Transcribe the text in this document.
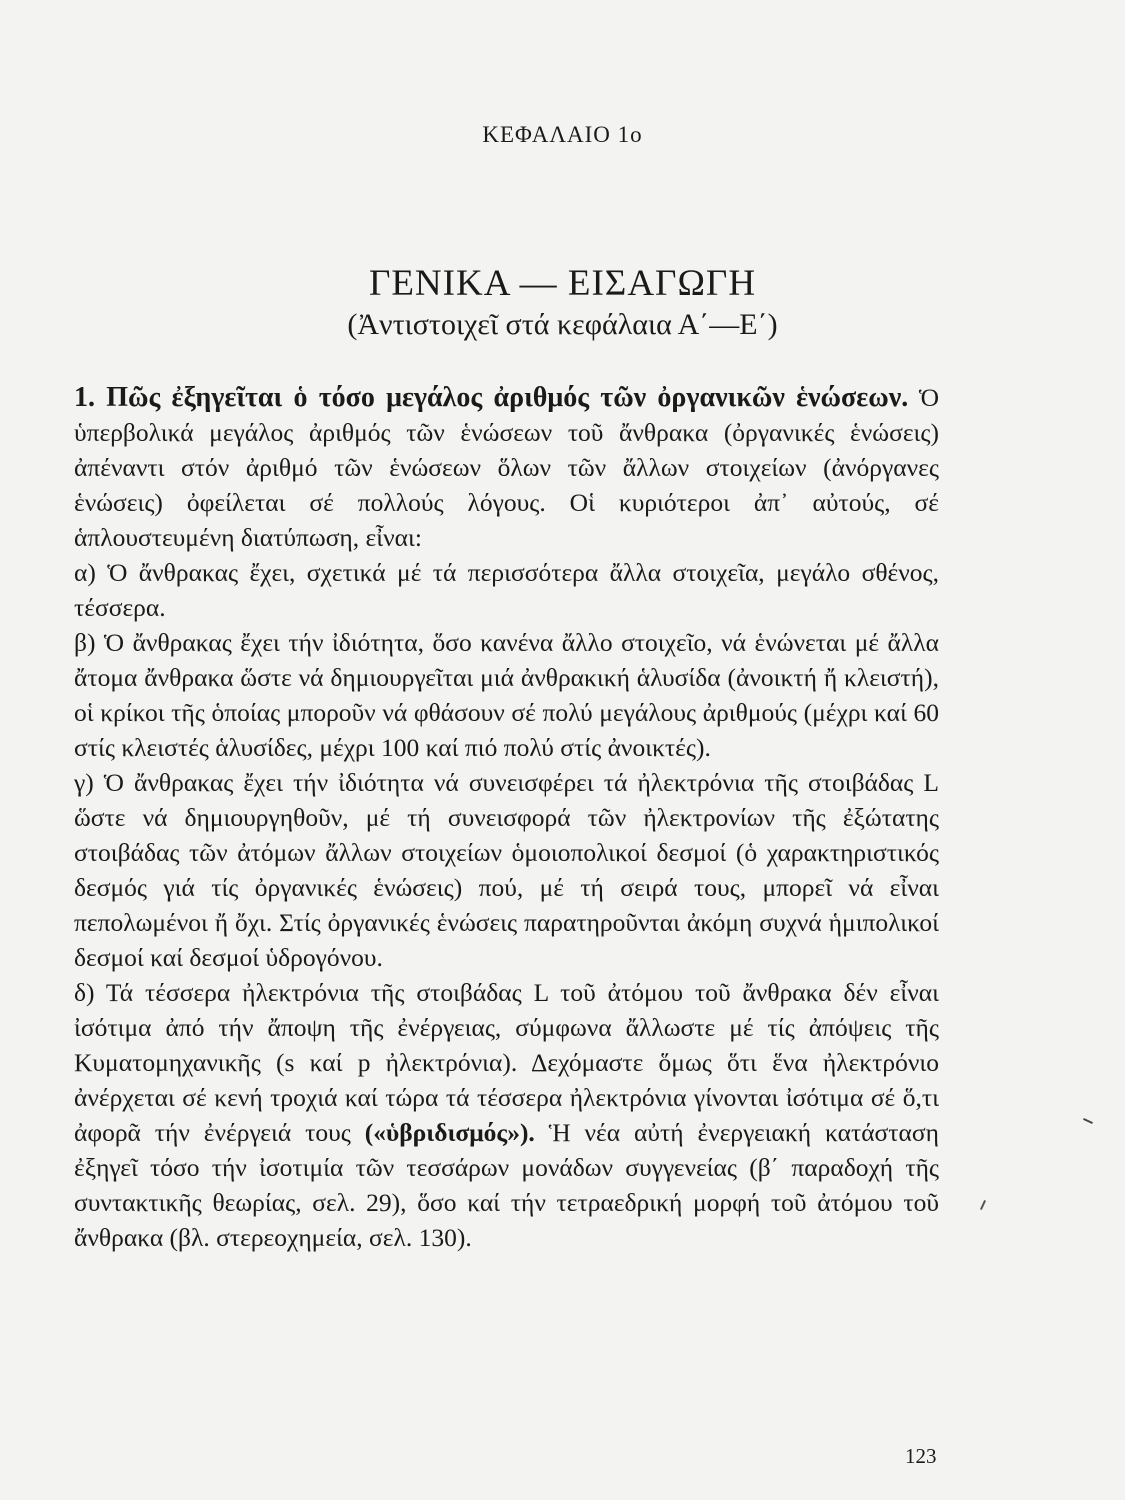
ΚΕΦΑΛΑΙΟ 1ο
ΓΕΝΙΚΑ — ΕΙΣΑΓΩΓΗ
(Ἀντιστοιχεῖ στά κεφάλαια Α΄—Ε΄)

1. Πῶς ἐξηγεῖται ὁ τόσο μεγάλος ἀριθμός τῶν ὀργανικῶν ἑνώσεων. Ὁ ὑπερβολικά μεγάλος ἀριθμός τῶν ἑνώσεων τοῦ ἄνθρακα (ὀργανικές ἑνώσεις) ἀπέναντι στόν ἀριθμό τῶν ἑνώσεων ὅλων τῶν ἄλλων στοιχείων (ἀνόργανες ἑνώσεις) ὀφείλεται σέ πολλούς λόγους. Οἱ κυριότεροι ἀπ᾽ αὐτούς, σέ ἁπλουστευμένη διατύπωση, εἶναι:

α) Ὁ ἄνθρακας ἔχει, σχετικά μέ τά περισσότερα ἄλλα στοιχεῖα, μεγάλο σθένος, τέσσερα.

β) Ὁ ἄνθρακας ἔχει τήν ἰδιότητα, ὅσο κανένα ἄλλο στοιχεῖο, νά ἑνώνεται μέ ἄλλα ἄτομα ἄνθρακα ὥστε νά δημιουργεῖται μιά ἀνθρακική ἁλυσίδα (ἀνοικτή ἤ κλειστή), οἱ κρίκοι τῆς ὁποίας μποροῦν νά φθάσουν σέ πολύ μεγάλους ἀριθμούς (μέχρι καί 60 στίς κλειστές ἁλυσίδες, μέχρι 100 καί πιό πολύ στίς ἀνοικτές).

γ) Ὁ ἄνθρακας ἔχει τήν ἰδιότητα νά συνεισφέρει τά ἠλεκτρόνια τῆς στοιβάδας L ὥστε νά δημιουργηθοῦν, μέ τή συνεισφορά τῶν ἠλεκτρονίων τῆς ἐξώτατης στοιβάδας τῶν ἀτόμων ἄλλων στοιχείων ὁμοιοπολικοί δεσμοί (ὁ χαρακτηριστικός δεσμός γιά τίς ὀργανικές ἑνώσεις) πού, μέ τή σειρά τους, μπορεῖ νά εἶναι πεπολωμένοι ἤ ὄχι. Στίς ὀργανικές ἑνώσεις παρατηροῦνται ἀκόμη συχνά ἡμιπολικοί δεσμοί καί δεσμοί ὑδρογόνου.

δ) Τά τέσσερα ἠλεκτρόνια τῆς στοιβάδας L τοῦ ἀτόμου τοῦ ἄνθρακα δέν εἶναι ἰσότιμα ἀπό τήν ἄποψη τῆς ἐνέργειας, σύμφωνα ἄλλωστε μέ τίς ἀπόψεις τῆς Κυματομηχανικῆς (s καί p ἠλεκτρόνια). Δεχόμαστε ὅμως ὅτι ἕνα ἠλεκτρόνιο ἀνέρχεται σέ κενή τροχιά καί τώρα τά τέσσερα ἠλεκτρόνια γίνονται ἰσότιμα σέ ὅ,τι ἀφορᾶ τήν ἐνέργειά τους («ὑβριδισμός»). Ἡ νέα αὐτή ἐνεργειακή κατάσταση ἐξηγεῖ τόσο τήν ἰσοτιμία τῶν τεσσάρων μονάδων συγγενείας (β΄ παραδοχή τῆς συντακτικῆς θεωρίας, σελ. 29), ὅσο καί τήν τετραεδρική μορφή τοῦ ἀτόμου τοῦ ἄνθρακα (βλ. στερεοχημεία, σελ. 130).

123
